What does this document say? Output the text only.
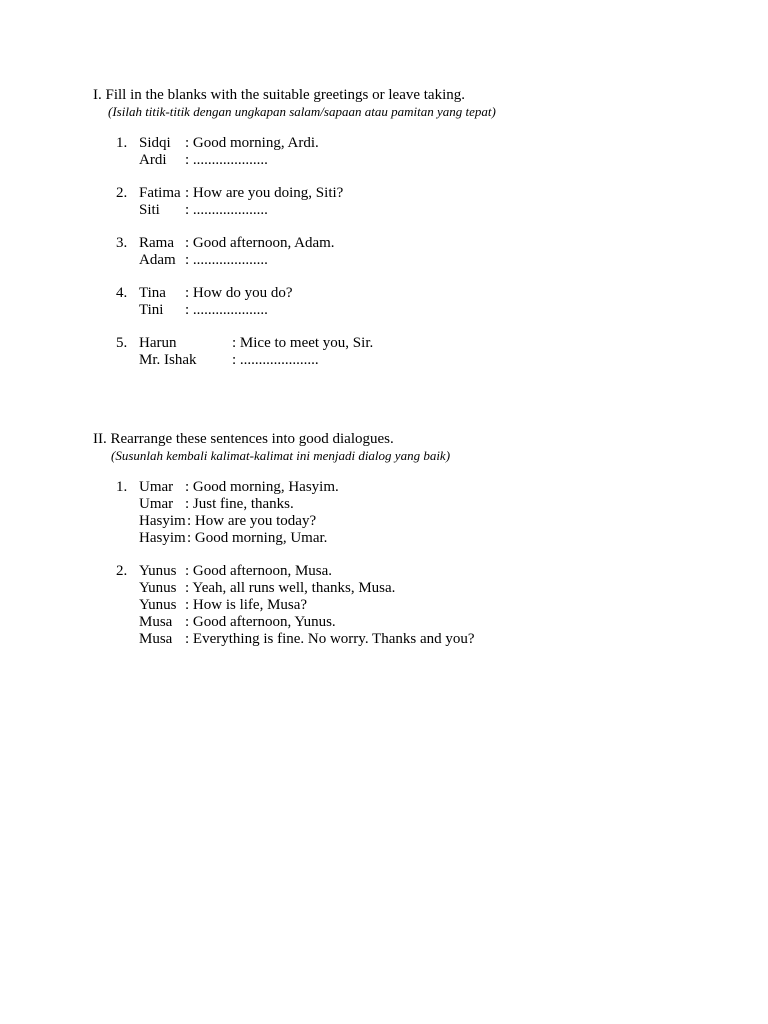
I. Fill in the blanks with the suitable greetings or leave taking.
(Isilah titik-titik dengan ungkapan salam/sapaan atau pamitan yang tepat)
1. Sidqi : Good morning, Ardi.
Ardi : ....................
2. Fatima : How are you doing, Siti?
Siti : ....................
3. Rama : Good afternoon, Adam.
Adam : ....................
4. Tina : How do you do?
Tini : ....................
5. Harun	: Mice to meet you, Sir.
Mr. Ishak : .....................
II. Rearrange these sentences into good dialogues.
(Susunlah kembali kalimat-kalimat ini menjadi dialog yang baik)
1. Umar : Good morning, Hasyim.
Umar : Just fine, thanks.
Hasyim : How are you today?
Hasyim : Good morning, Umar.
2. Yunus : Good afternoon, Musa.
Yunus : Yeah, all runs well, thanks, Musa.
Yunus : How is life, Musa?
Musa : Good afternoon, Yunus.
Musa : Everything is fine. No worry. Thanks and you?
